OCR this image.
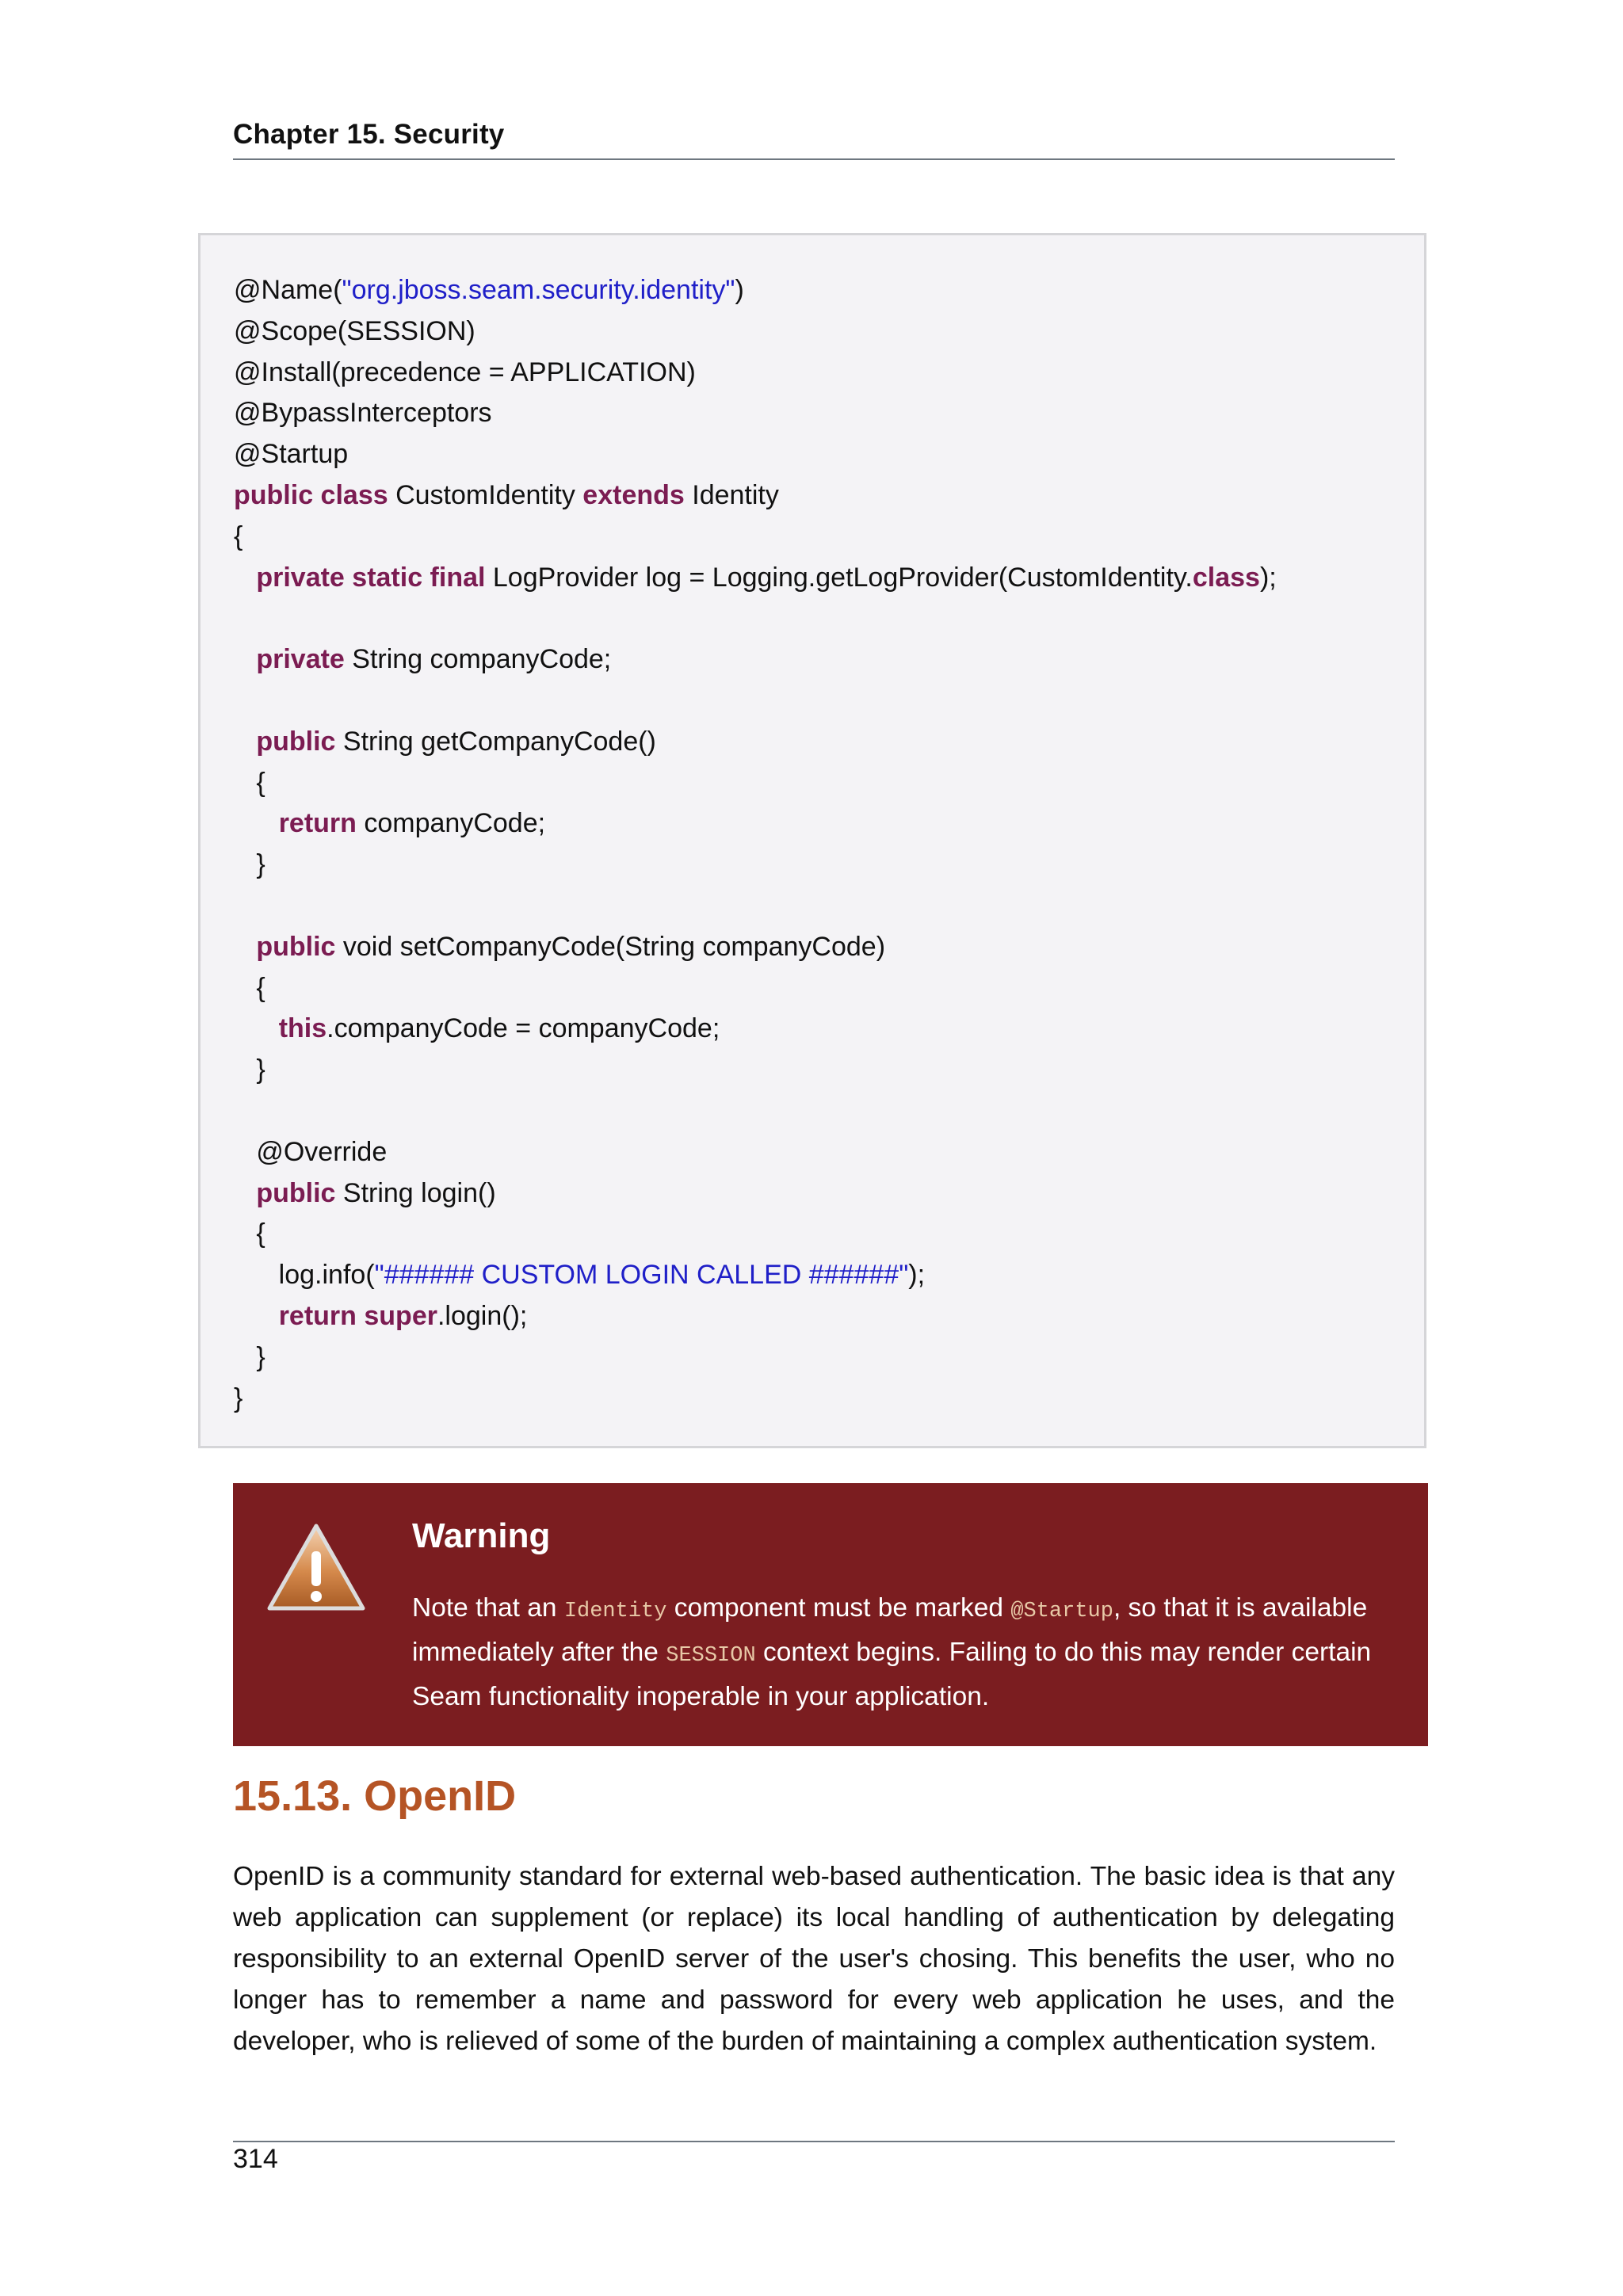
Chapter 15. Security
@Name("org.jboss.seam.security.identity")
@Scope(SESSION)
@Install(precedence = APPLICATION)
@BypassInterceptors
@Startup
public class CustomIdentity extends Identity
{
private static final LogProvider log = Logging.getLogProvider(CustomIdentity.class);
private String companyCode;
public String getCompanyCode()
{
return companyCode;
}
public void setCompanyCode(String companyCode)
{
this.companyCode = companyCode;
}
@Override
public String login()
{
log.info("###### CUSTOM LOGIN CALLED ######");
return super.login();
}
}
Warning
Note that an Identity component must be marked @Startup, so that it is available immediately after the SESSION context begins. Failing to do this may render certain Seam functionality inoperable in your application.
15.13. OpenID
OpenID is a community standard for external web-based authentication. The basic idea is that any web application can supplement (or replace) its local handling of authentication by delegating responsibility to an external OpenID server of the user's chosing. This benefits the user, who no longer has to remember a name and password for every web application he uses, and the developer, who is relieved of some of the burden of maintaining a complex authentication system.
314
